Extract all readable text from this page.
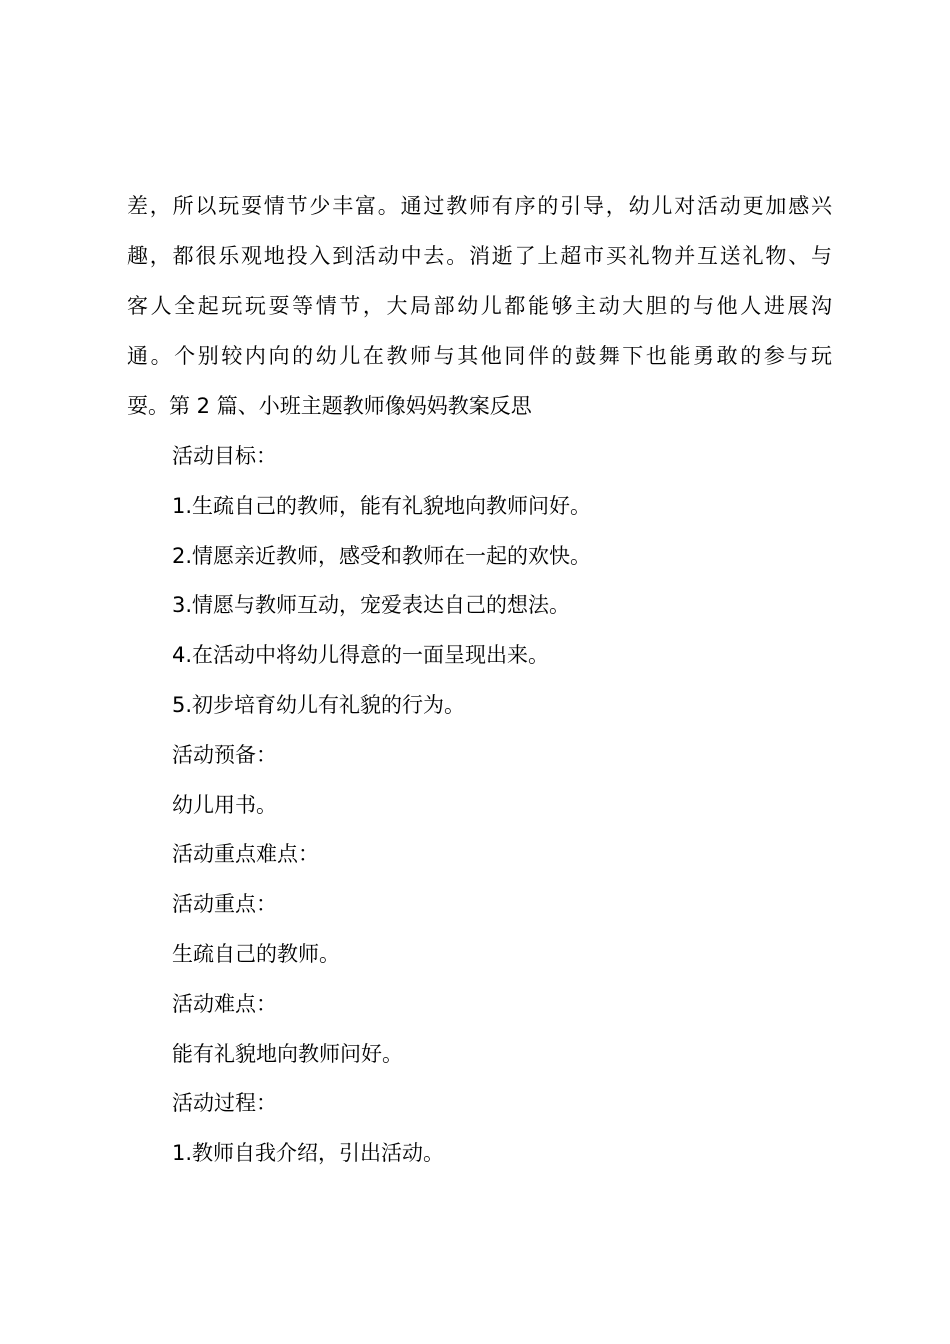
差，所以玩耍情节少丰富。通过教师有序的引导，幼儿对活动更加感兴
趣，都很乐观地投入到活动中去。消逝了上超市买礼物并互送礼物、与
客人全起玩玩耍等情节，大局部幼儿都能够主动大胆的与他人进展沟
通。个别较内向的幼儿在教师与其他同伴的鼓舞下也能勇敢的参与玩
耍。第 2 篇、小班主题教师像妈妈教案反思
活动目标：
1.生疏自己的教师，能有礼貌地向教师问好。
2.情愿亲近教师，感受和教师在一起的欢快。
3.情愿与教师互动，宠爱表达自己的想法。
4.在活动中将幼儿得意的一面呈现出来。
5.初步培育幼儿有礼貌的行为。
活动预备：
幼儿用书。
活动重点难点：
活动重点：
生疏自己的教师。
活动难点：
能有礼貌地向教师问好。
活动过程：
1.教师自我介绍，引出活动。
